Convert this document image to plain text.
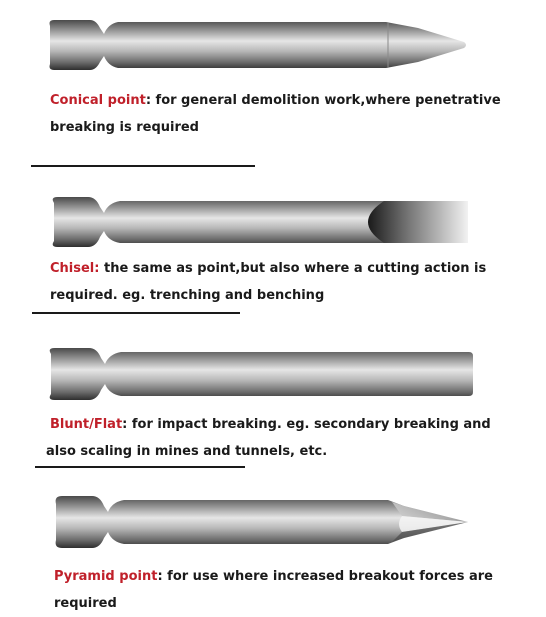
Conical point: for general demolition work,where penetrative
breaking is required

Chisel: the same as point,but also where a cutting action is
required. eg. trenching and benching

Blunt/Flat: for impact breaking. eg. secondary breaking and
also scaling in mines and tunnels, etc.

Pyramid point: for use where increased breakout forces are required
